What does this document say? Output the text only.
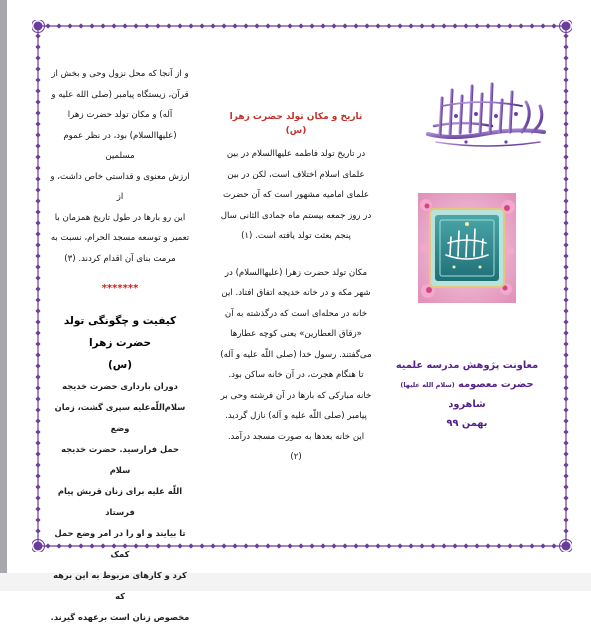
و از آنجا که محل نزول وحی و بخش از

قرآن، زیستگاه پیامبر (صلی الله علیه و

آله) و مکان تولد حضرت زهرا

(علیهاالسلام) بود، در نظر عموم مسلمین

ارزش معنوی و قداستی خاص داشت، و از

این رو بارها در طول تاریخ همزمان با

تعمیر و توسعه مسجد الحرام، نسبت به

مرمت بنای آن اقدام کردند. (۳)

*******

کیفیت و چگونگی تولد حضرت زهرا

(س)

دوران بارداری حضرت خدیجه

سلام‌اللّه‌علیه سپری گشت، زمان وضع

حمل فرارسید. حضرت خدیجه سلام

اللّه علیه برای زنان قریش پیام فرستاد

تا بیایند و او را در امر وضع حمل کمک

کرد و کارهای مربوط به این برهه که

مخصوص زنان است برعهده گیرند.

تاریخ و مکان تولد حضرت زهرا (س)

در تاریخ تولد فاطمه علیهاالسلام در بین

علمای اسلام اختلاف است، لکن در بین

علمای امامیه مشهور است که آن حضرت

در روز جمعه بیستم ماه جمادی الثانی سال

پنجم بعثت تولد یافته است. (۱)

مکان تولد حضرت زهرا (علیهاالسلام) در

شهر مکه و در خانه خدیجه اتفاق افتاد. این

خانه در محله‌ای است که درگذشته به آن

«زقاق العطارین» یعنی کوچه عطارها

می‌گفتند. رسول خدا (صلی اللّه علیه و آله)

تا هنگام هجرت، در آن خانه ساکن بود.

خانه مبارکی که بارها در آن فرشته وحی بر

پیامبر (صلی اللّه علیه و آله) نازل گردید.

این خانه بعدها به صورت مسجد درآمد.

(۲)

معاونت پژوهش مدرسه علمیه

حضرت معصومه (سلام الله علیها)

شاهرود

بهمن ۹۹
